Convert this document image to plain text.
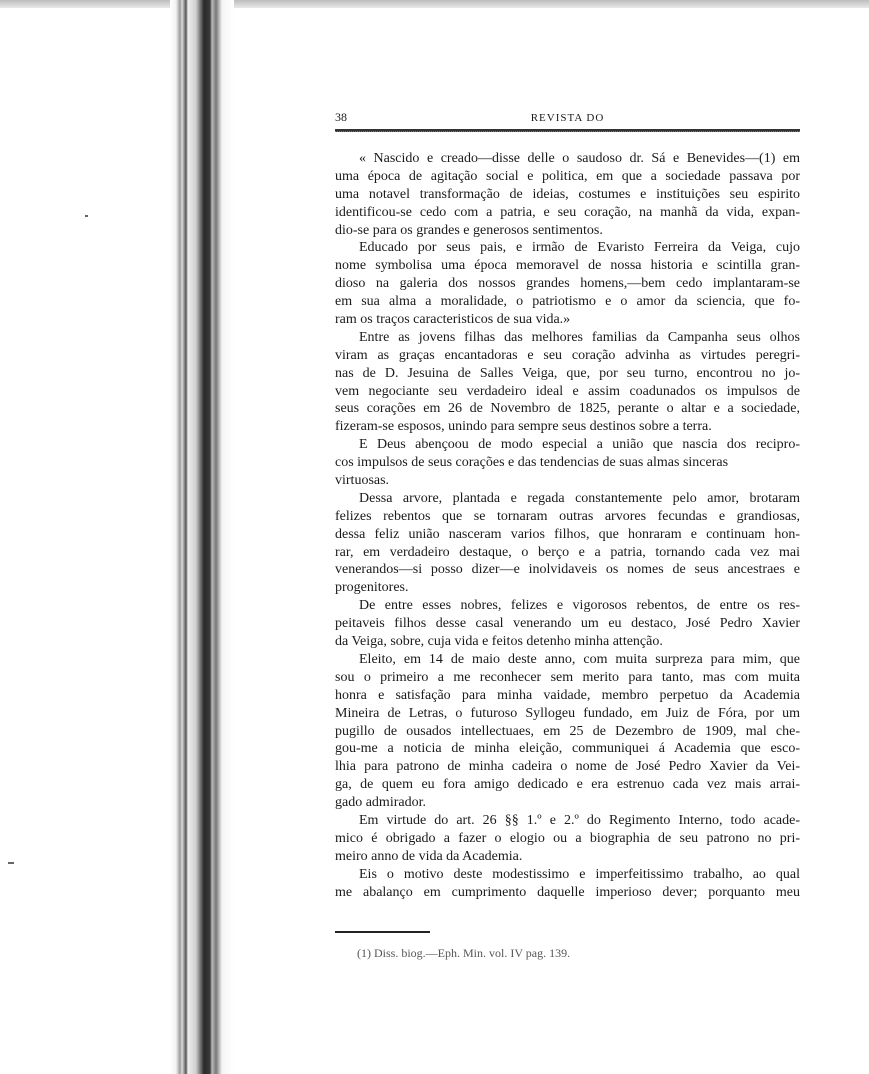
38	REVISTA DO
« Nascido e creado—disse delle o saudoso dr. Sá e Benevides—(1) em
uma época de agitação social e politica, em que a sociedade passava por
uma notavel transformação de ideias, costumes e instituições seu espirito
identificou-se cedo com a patria, e seu coração, na manhã da vida, expan-
dio-se para os grandes e generosos sentimentos.
Educado por seus pais, e irmão de Evaristo Ferreira da Veiga, cujo
nome symbolisa uma época memoravel de nossa historia e scintilla gran-
dioso na galeria dos nossos grandes homens,—bem cedo implantaram-se
em sua alma a moralidade, o patriotismo e o amor da sciencia, que fo-
ram os traços caracteristicos de sua vida.»
Entre as jovens filhas das melhores familias da Campanha seus olhos
viram as graças encantadoras e seu coração advinha as virtudes peregri-
nas de D. Jesuina de Salles Veiga, que, por seu turno, encontrou no jo-
vem negociante seu verdadeiro ideal e assim coadunados os impulsos de
seus corações em 26 de Novembro de 1825, perante o altar e a sociedade,
fizeram-se esposos, unindo para sempre seus destinos sobre a terra.
E Deus abençoou de modo especial a união que nascia dos recipro-
cos impulsos de seus corações e das tendencias de suas almas sinceras
virtuosas.
Dessa arvore, plantada e regada constantemente pelo amor, brotaram
felizes rebentos que se tornaram outras arvores fecundas e grandiosas,
dessa feliz união nasceram varios filhos, que honraram e continuam hon-
rar, em verdadeiro destaque, o berço e a patria, tornando cada vez mai
venerandos—si posso dizer—e inolvidaveis os nomes de seus ancestraes e
progenitores.
De entre esses nobres, felizes e vigorosos rebentos, de entre os res-
peitaveis filhos desse casal venerando um eu destaco, José Pedro Xavier
da Veiga, sobre, cuja vida e feitos detenho minha attenção.
Eleito, em 14 de maio deste anno, com muita surpreza para mim, que
sou o primeiro a me reconhecer sem merito para tanto, mas com muita
honra e satisfação para minha vaidade, membro perpetuo da Academia
Mineira de Letras, o futuroso Syllogeu fundado, em Juiz de Fóra, por um
pugillo de ousados intellectuaes, em 25 de Dezembro de 1909, mal che-
gou-me a noticia de minha eleição, communiquei á Academia que esco-
lhia para patrono de minha cadeira o nome de José Pedro Xavier da Vei-
ga, de quem eu fora amigo dedicado e era estrenuo cada vez mais arrai-
gado admirador.
Em virtude do art. 26 §§ 1.º e 2.º do Regimento Interno, todo acade-
mico é obrigado a fazer o elogio ou a biographia de seu patrono no pri-
meiro anno de vida da Academia.
Eis o motivo deste modestissimo e imperfeitissimo trabalho, ao qual
me abalanço em cumprimento daquelle imperioso dever; porquanto meu
(1) Diss. biog.—Eph. Min. vol. IV pag. 139.
